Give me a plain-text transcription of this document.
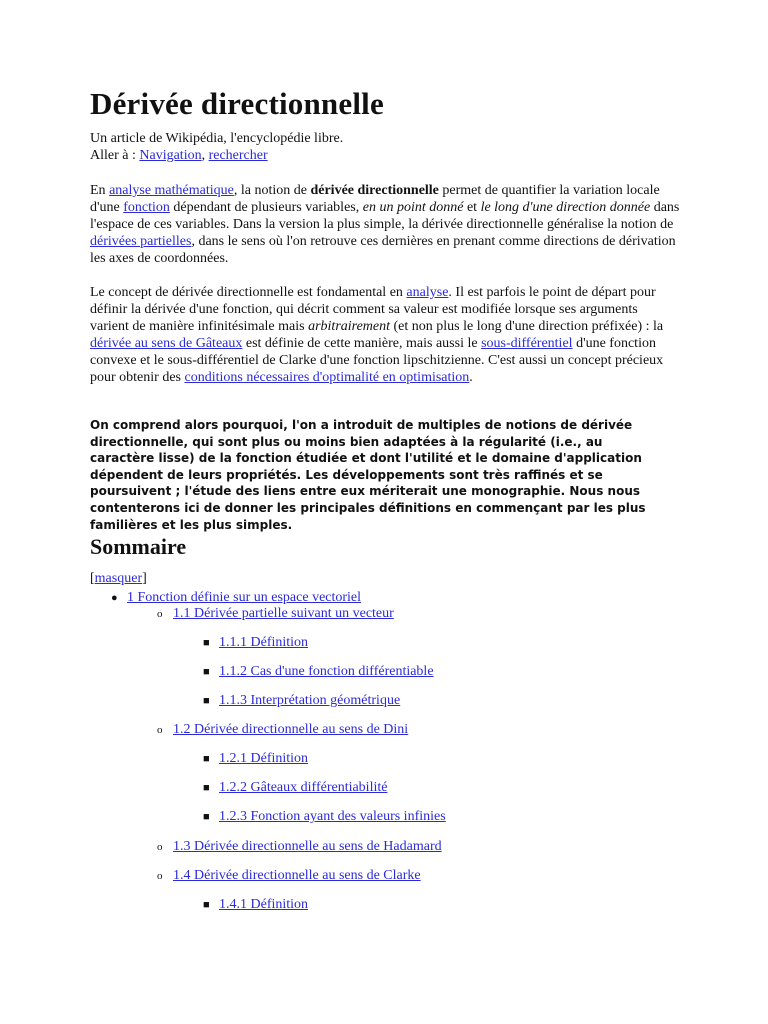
Dérivée directionnelle
Un article de Wikipédia, l'encyclopédie libre.
Aller à : Navigation, rechercher

En analyse mathématique, la notion de dérivée directionnelle permet de quantifier la variation locale d'une fonction dépendant de plusieurs variables, en un point donné et le long d'une direction donnée dans l'espace de ces variables. Dans la version la plus simple, la dérivée directionnelle généralise la notion de dérivées partielles, dans le sens où l'on retrouve ces dernières en prenant comme directions de dérivation les axes de coordonnées.

Le concept de dérivée directionnelle est fondamental en analyse. Il est parfois le point de départ pour définir la dérivée d'une fonction, qui décrit comment sa valeur est modifiée lorsque ses arguments varient de manière infinitésimale mais arbitrairement (et non plus le long d'une direction préfixée) : la dérivée au sens de Gâteaux est définie de cette manière, mais aussi le sous-différentiel d'une fonction convexe et le sous-différentiel de Clarke d'une fonction lipschitzienne. C'est aussi un concept précieux pour obtenir des conditions nécessaires d'optimalité en optimisation.

On comprend alors pourquoi, l'on a introduit de multiples de notions de dérivée directionnelle, qui sont plus ou moins bien adaptées à la régularité (i.e., au caractère lisse) de la fonction étudiée et dont l'utilité et le domaine d'application dépendent de leurs propriétés. Les développements sont très raffinés et se poursuivent ; l'étude des liens entre eux mériterait une monographie. Nous nous contenterons ici de donner les principales définitions en commençant par les plus familières et les plus simples.

Sommaire
[masquer]
● 1 Fonction définie sur un espace vectoriel
o 1.1 Dérivée partielle suivant un vecteur
■ 1.1.1 Définition
■ 1.1.2 Cas d'une fonction différentiable
■ 1.1.3 Interprétation géométrique
o 1.2 Dérivée directionnelle au sens de Dini
■ 1.2.1 Définition
■ 1.2.2 Gâteaux différentiabilité
■ 1.2.3 Fonction ayant des valeurs infinies
o 1.3 Dérivée directionnelle au sens de Hadamard
o 1.4 Dérivée directionnelle au sens de Clarke
■ 1.4.1 Définition
